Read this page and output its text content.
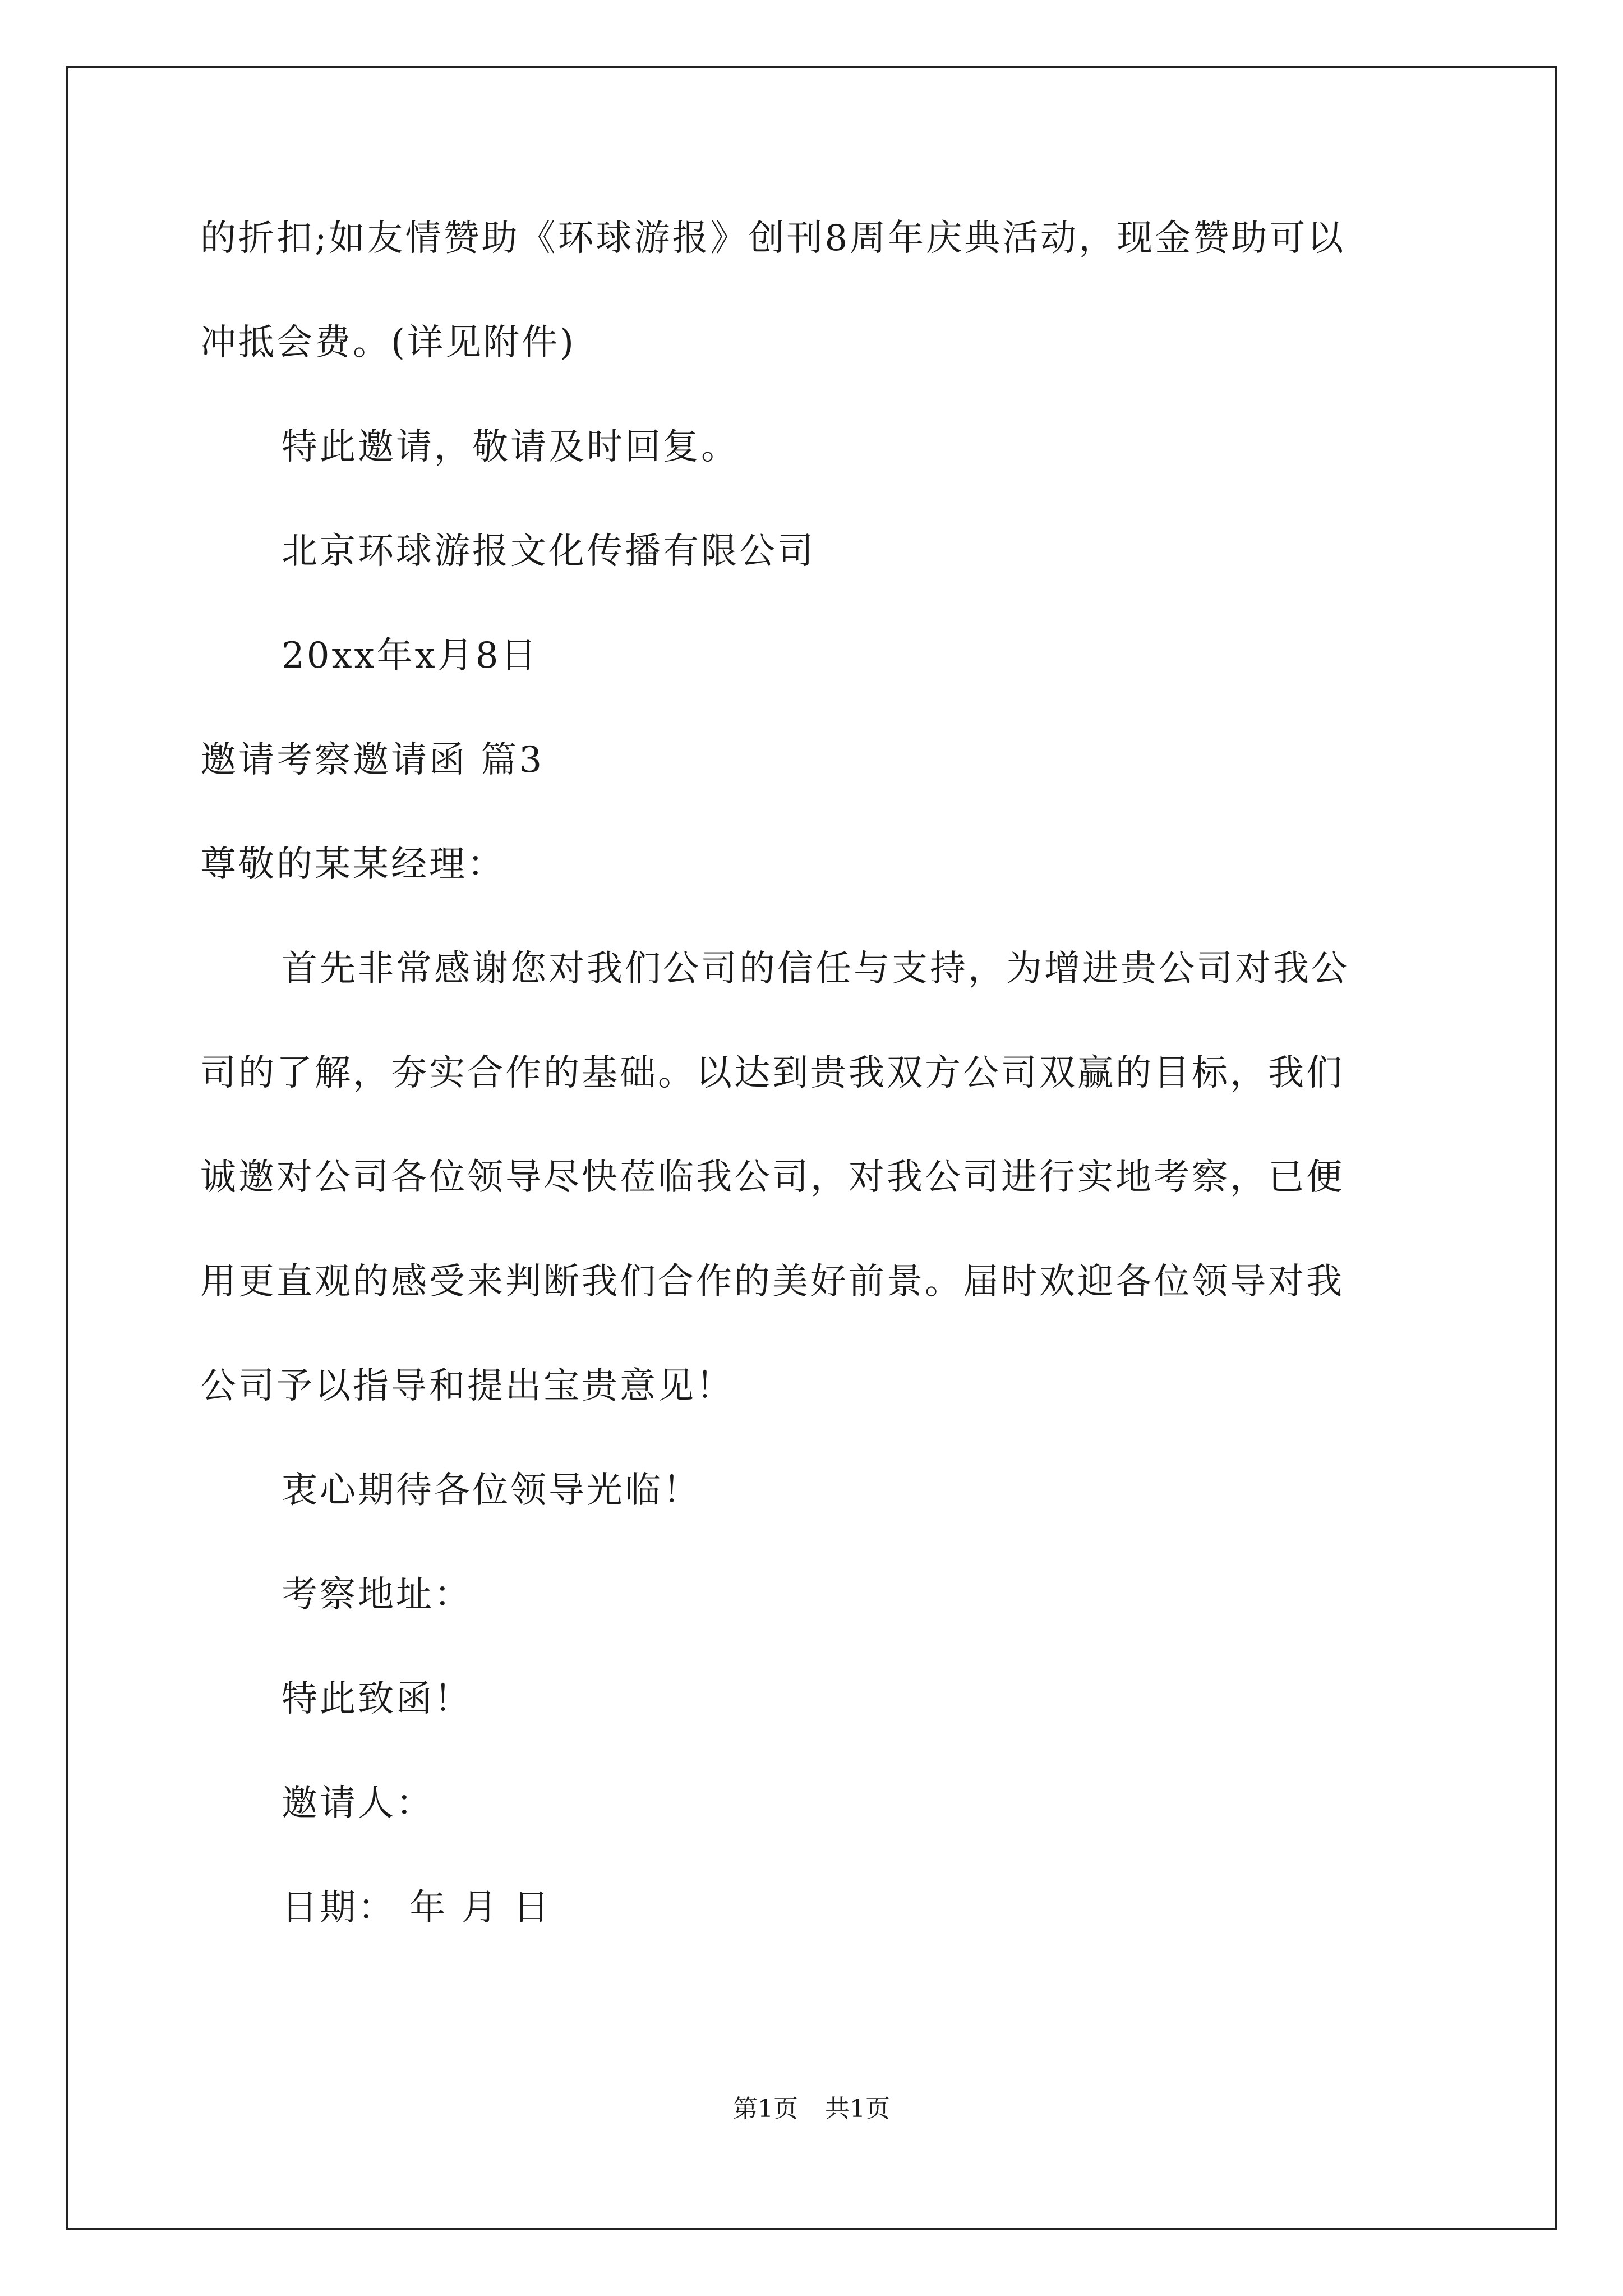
的折扣;如友情赞助《环球游报》创刊8周年庆典活动，现金赞助可以
冲抵会费。(详见附件)
特此邀请，敬请及时回复。
北京环球游报文化传播有限公司
20xx年x月8日
邀请考察邀请函 篇3
尊敬的某某经理：
首先非常感谢您对我们公司的信任与支持，为增进贵公司对我公
司的了解，夯实合作的基础。以达到贵我双方公司双赢的目标，我们
诚邀对公司各位领导尽快莅临我公司，对我公司进行实地考察，已便
用更直观的感受来判断我们合作的美好前景。届时欢迎各位领导对我
公司予以指导和提出宝贵意见！
衷心期待各位领导光临！
考察地址：
特此致函！
邀请人：
日期： 年 月 日
第1页 共1页
